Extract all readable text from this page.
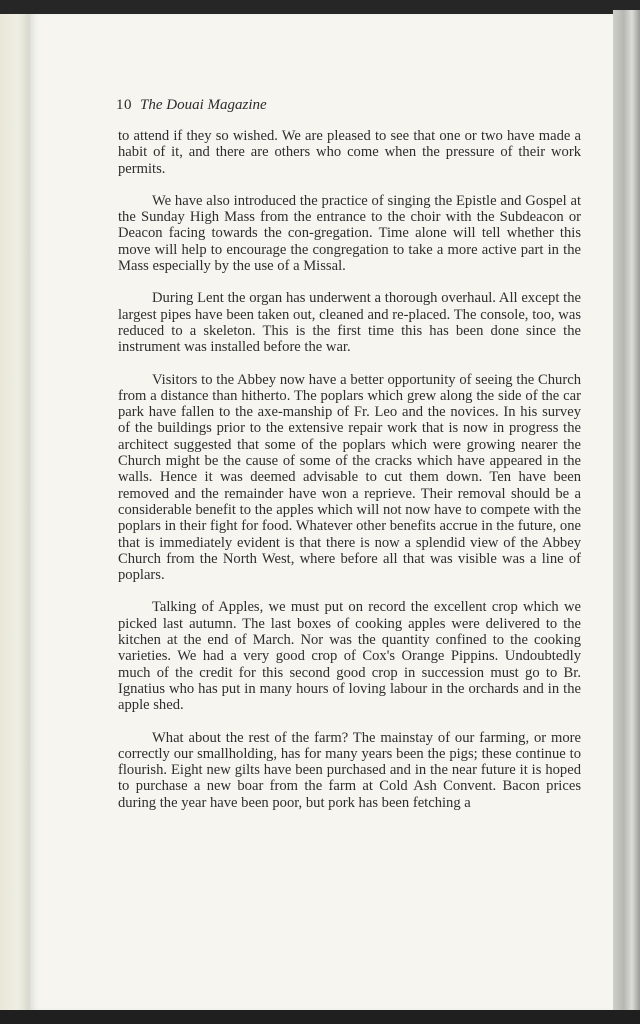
10 The Douai Magazine

to attend if they so wished. We are pleased to see that one or two have made a habit of it, and there are others who come when the pressure of their work permits.

We have also introduced the practice of singing the Epistle and Gospel at the Sunday High Mass from the entrance to the choir with the Subdeacon or Deacon facing towards the con-gregation. Time alone will tell whether this move will help to encourage the congregation to take a more active part in the Mass especially by the use of a Missal.

During Lent the organ has underwent a thorough overhaul. All except the largest pipes have been taken out, cleaned and re-placed. The console, too, was reduced to a skeleton. This is the first time this has been done since the instrument was installed before the war.

Visitors to the Abbey now have a better opportunity of seeing the Church from a distance than hitherto. The poplars which grew along the side of the car park have fallen to the axe-manship of Fr. Leo and the novices. In his survey of the buildings prior to the extensive repair work that is now in progress the architect suggested that some of the poplars which were growing nearer the Church might be the cause of some of the cracks which have appeared in the walls. Hence it was deemed advisable to cut them down. Ten have been removed and the remainder have won a reprieve. Their removal should be a considerable benefit to the apples which will not now have to compete with the poplars in their fight for food. Whatever other benefits accrue in the future, one that is immediately evident is that there is now a splendid view of the Abbey Church from the North West, where before all that was visible was a line of poplars.

Talking of Apples, we must put on record the excellent crop which we picked last autumn. The last boxes of cooking apples were delivered to the kitchen at the end of March. Nor was the quantity confined to the cooking varieties. We had a very good crop of Cox's Orange Pippins. Undoubtedly much of the credit for this second good crop in succession must go to Br. Ignatius who has put in many hours of loving labour in the orchards and in the apple shed.

What about the rest of the farm? The mainstay of our farming, or more correctly our smallholding, has for many years been the pigs; these continue to flourish. Eight new gilts have been purchased and in the near future it is hoped to purchase a new boar from the farm at Cold Ash Convent. Bacon prices during the year have been poor, but pork has been fetching a
